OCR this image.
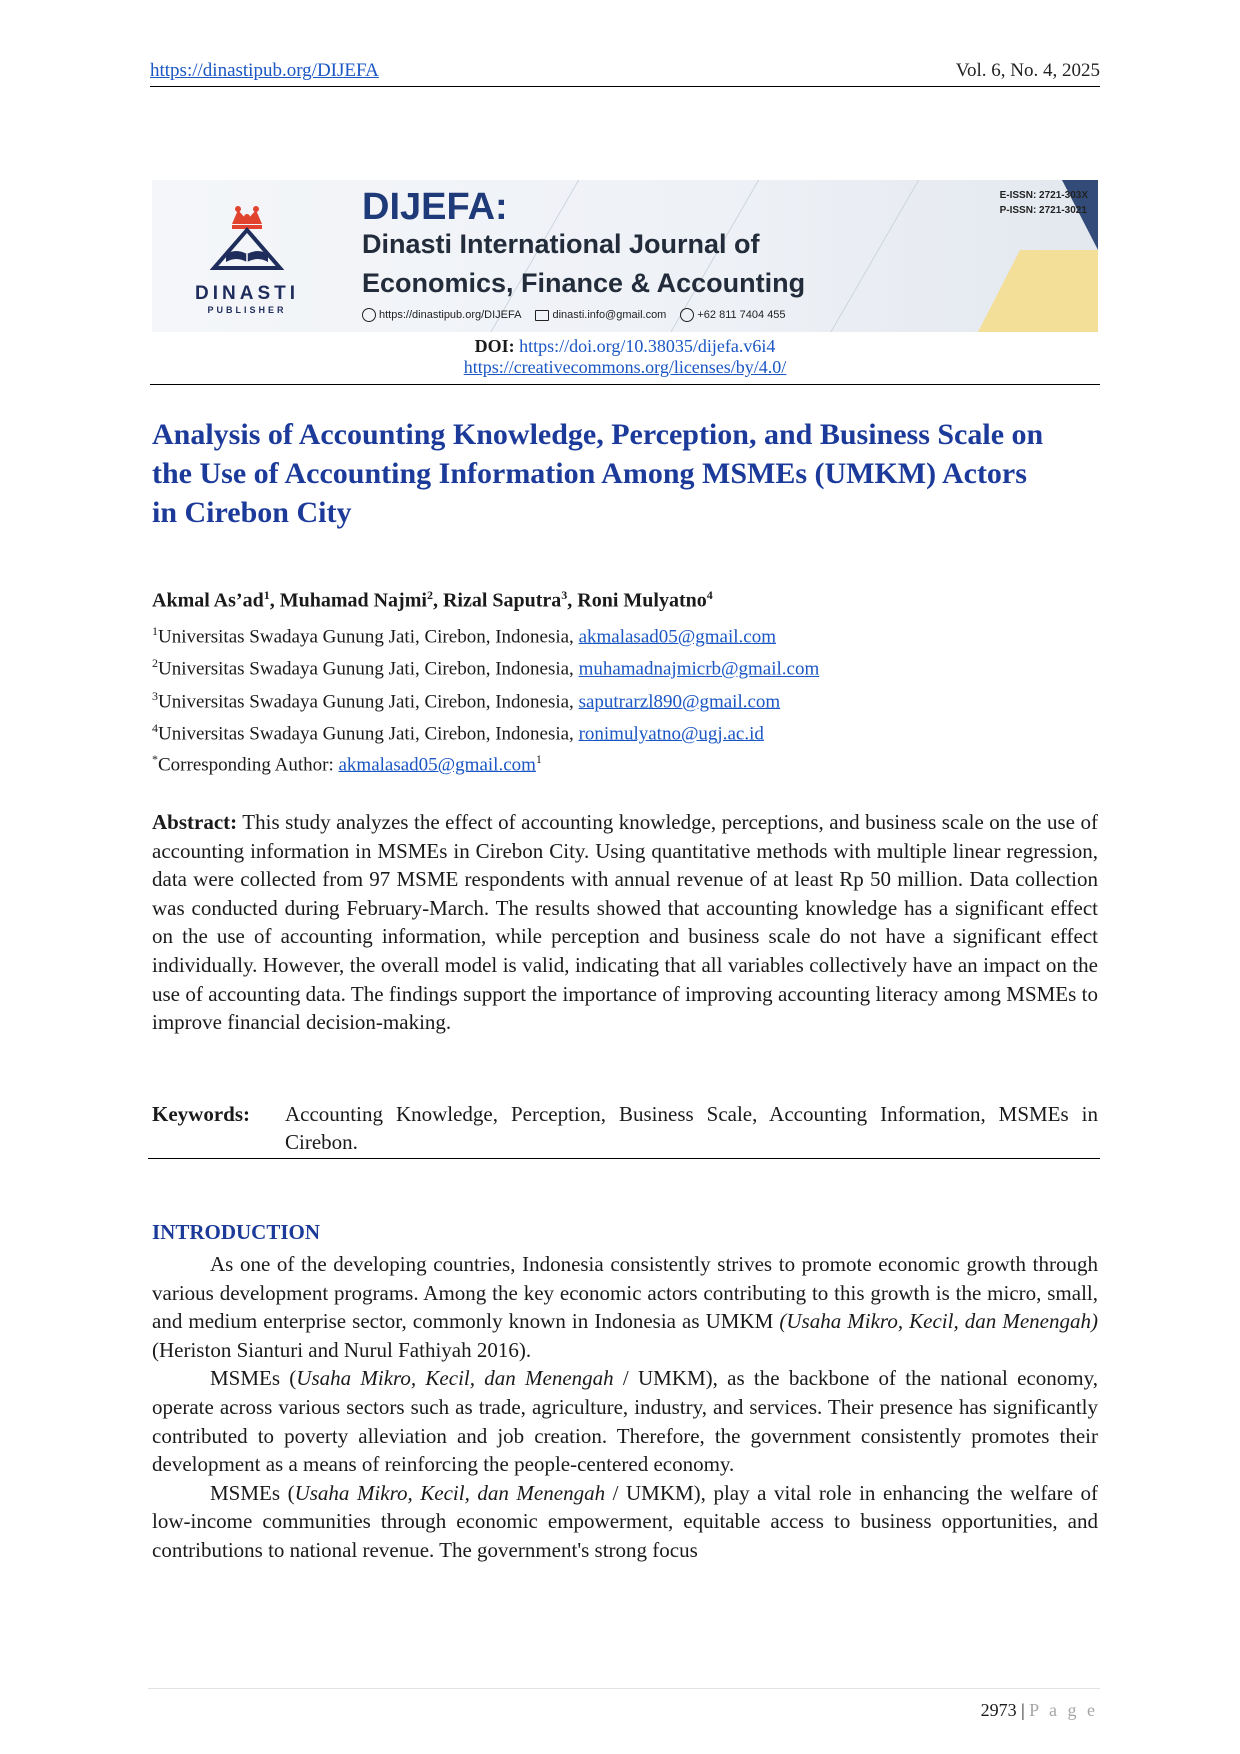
https://dinastipub.org/DIJEFA	Vol. 6, No. 4, 2025
DINASTI
PUBLISHER
DIJEFA:
Dinasti International Journal of
Economics, Finance & Accounting
https://dinastipub.org/DIJEFA	dinasti.info@gmail.com	+62 811 7404 455
E-ISSN: 2721-303X
P-ISSN: 2721-3021
DOI: https://doi.org/10.38035/dijefa.v6i4
https://creativecommons.org/licenses/by/4.0/
Analysis of Accounting Knowledge, Perception, and Business Scale on the Use of Accounting Information Among MSMEs (UMKM) Actors in Cirebon City
Akmal $As’ad^1$, Muhamad Najmi$^2$, Rizal Saputra$^3$, Roni Mulyatno$^4$
$^1$Universitas Swadaya Gunung Jati, Cirebon, Indonesia, akmalasad05@gmail.com
$^2$Universitas Swadaya Gunung Jati, Cirebon, Indonesia, muhamadnajmicrb@gmail.com
$^3$Universitas Swadaya Gunung Jati, Cirebon, Indonesia, saputrarzl890@gmail.com
$^4$Universitas Swadaya Gunung Jati, Cirebon, Indonesia, ronimulyatno@ugj.ac.id
*Corresponding Author: akmalasad05@gmail.com$^1$

Abstract: This study analyzes the effect of accounting knowledge, perceptions, and business scale on the use of accounting information in MSMEs in Cirebon City. Using quantitative methods with multiple linear regression, data were collected from 97 MSME respondents with annual revenue of at least Rp 50 million. Data collection was conducted during February-March. The results showed that accounting knowledge has a significant effect on the use of accounting information, while perception and business scale do not have a significant effect individually. However, the overall model is valid, indicating that all variables collectively have an impact on the use of accounting data. The findings support the importance of improving accounting literacy among MSMEs to improve financial decision-making.

Keywords: Accounting Knowledge, Perception, Business Scale, Accounting Information, MSMEs in Cirebon.
INTRODUCTION

As one of the developing countries, Indonesia consistently strives to promote economic growth through various development programs. Among the key economic actors contributing to this growth is the micro, small, and medium enterprise sector, commonly known in Indonesia as UMKM (Usaha Mikro, Kecil, dan Menengah) (Heriston Sianturi and Nurul Fathiyah 2016).

MSMEs (Usaha Mikro, Kecil, dan Menengah / UMKM), as the backbone of the national economy, operate across various sectors such as trade, agriculture, industry, and services. Their presence has significantly contributed to poverty alleviation and job creation. Therefore, the government consistently promotes their development as a means of reinforcing the people-centered economy.

MSMEs (Usaha Mikro, Kecil, dan Menengah / UMKM), play a vital role in enhancing the welfare of low-income communities through economic empowerment, equitable access to business opportunities, and contributions to national revenue. The government's strong focus

2973 | P a g e
